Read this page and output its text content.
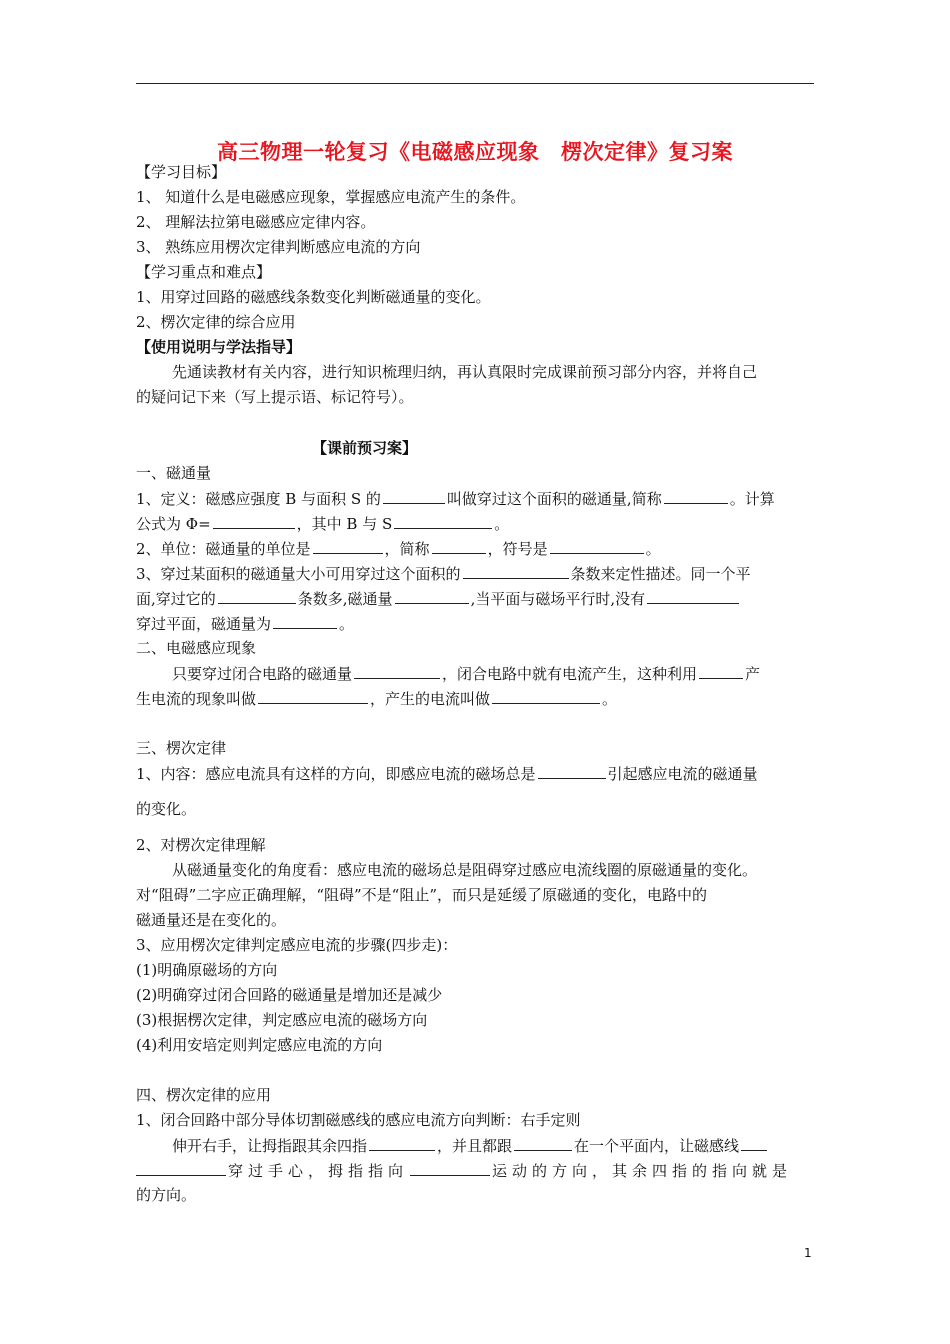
高三物理一轮复习《电磁感应现象　楞次定律》复习案
【学习目标】
1、 知道什么是电磁感应现象，掌握感应电流产生的条件。
2、 理解法拉第电磁感应定律内容。
3、 熟练应用楞次定律判断感应电流的方向
【学习重点和难点】
1、用穿过回路的磁感线条数变化判断磁通量的变化。
2、楞次定律的综合应用
【使用说明与学法指导】
先通读教材有关内容，进行知识梳理归纳，再认真限时完成课前预习部分内容，并将自己
的疑问记下来（写上提示语、标记符号）。
【课前预习案】
一、磁通量
1、定义：磁感应强度 B 与面积 S 的	叫做穿过这个面积的磁通量,简称	。计算
公式为 Φ=	，其中 B 与 S	。
2、单位：磁通量的单位是	，简称	，符号是	。
3、穿过某面积的磁通量大小可用穿过这个面积的	条数来定性描述。同一个平
面,穿过它的	条数多,磁通量	,当平面与磁场平行时,没有
穿过平面，磁通量为	。
二、电磁感应现象
只要穿过闭合电路的磁通量	，闭合电路中就有电流产生，这种利用	产
生电流的现象叫做	，产生的电流叫做	。
三、楞次定律
1、内容：感应电流具有这样的方向，即感应电流的磁场总是	引起感应电流的磁通量
的变化。
2、对楞次定律理解
从磁通量变化的角度看：感应电流的磁场总是阻碍穿过感应电流线圈的原磁通量的变化。
对“阻碍”二字应正确理解，“阻碍”不是“阻止”，而只是延缓了原磁通的变化，电路中的
磁通量还是在变化的。
3、应用楞次定律判定感应电流的步骤(四步走)：
(1)明确原磁场的方向
(2)明确穿过闭合回路的磁通量是增加还是减少
(3)根据楞次定律，判定感应电流的磁场方向
(4)利用安培定则判定感应电流的方向
四、楞次定律的应用
1、闭合回路中部分导体切割磁感线的感应电流方向判断：右手定则
伸开右手，让拇指跟其余四指	，并且都跟	在一个平面内，让磁感线
穿过手心，拇指指向	运动的方向，其余四指的指向就是
的方向。
1
